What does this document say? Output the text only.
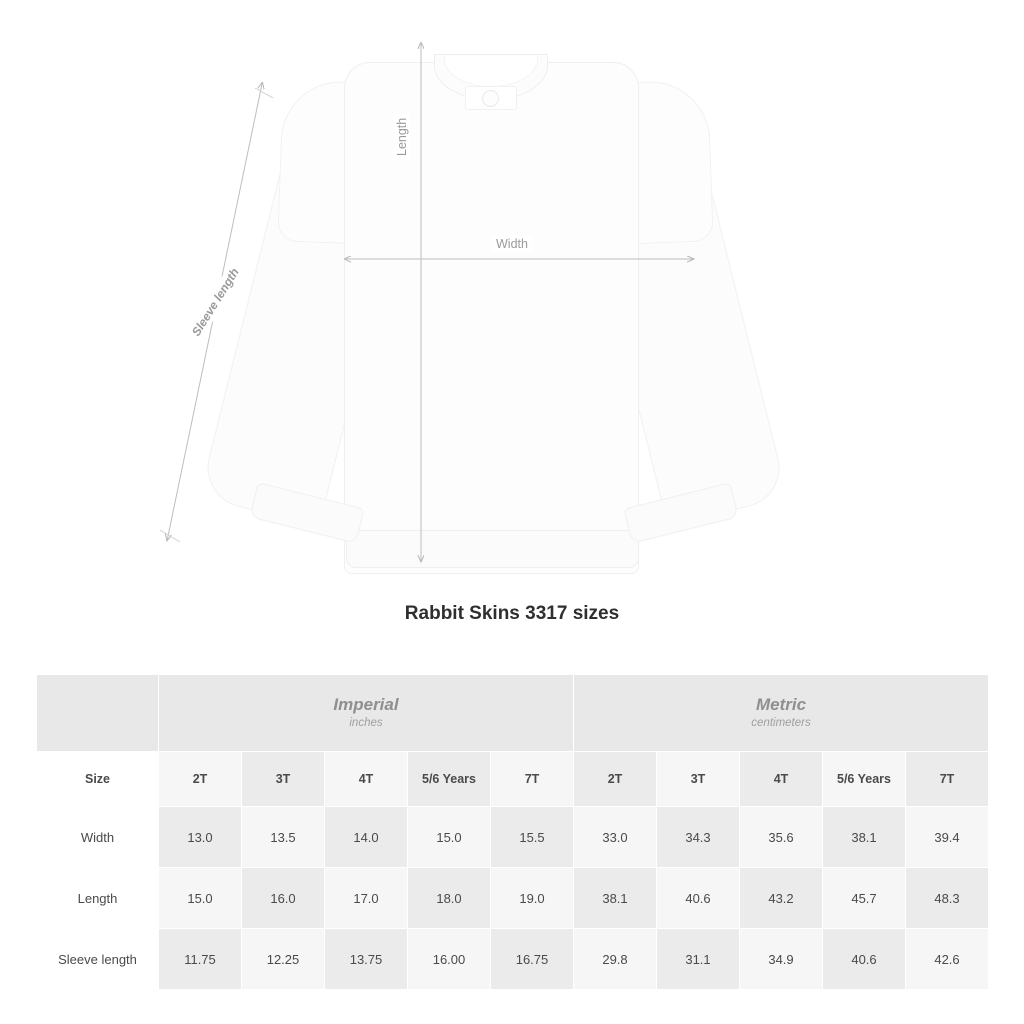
Width
Length
Sleeve length
Rabbit Skins 3317 sizes

Imperial
inches

Metric
centimeters

Size	2T	3T	4T	5/6 Years	7T	2T	3T	4T	5/6 Years	7T
Width	13.0	13.5	14.0	15.0	15.5	33.0	34.3	35.6	38.1	39.4
Length	15.0	16.0	17.0	18.0	19.0	38.1	40.6	43.2	45.7	48.3
Sleeve length	11.75	12.25	13.75	16.00	16.75	29.8	31.1	34.9	40.6	42.6
